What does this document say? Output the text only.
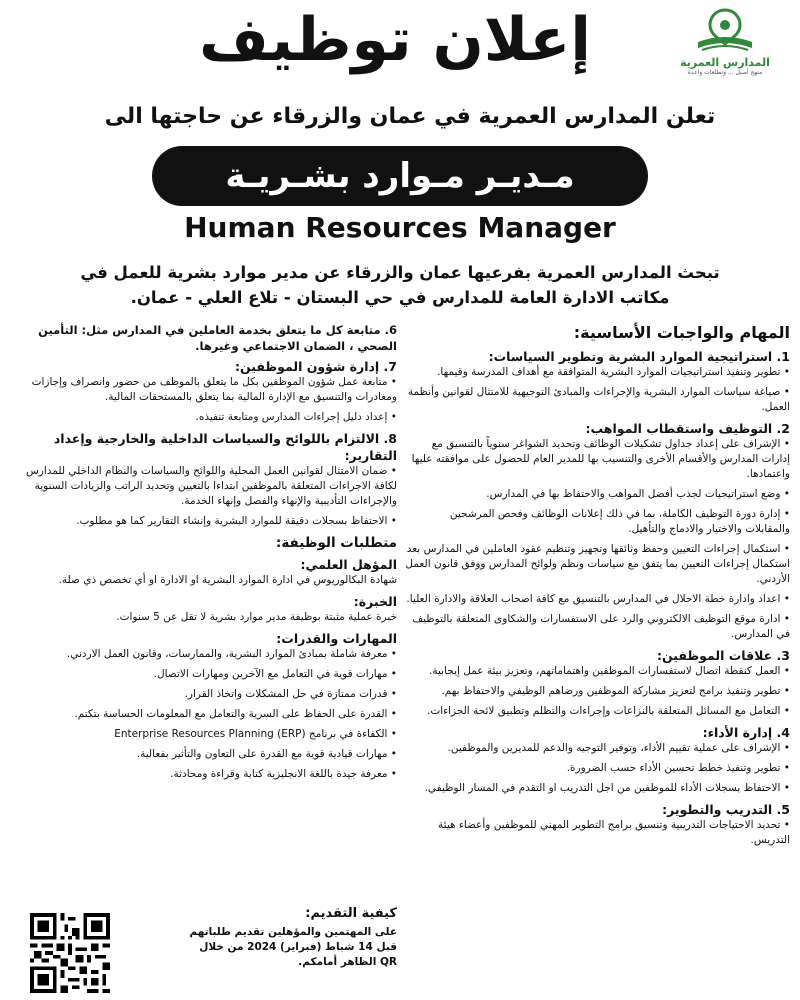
إعلان توظيف	المدارس العمرية
منهج أصيل ... وتطلعات واعدة
تعلن المدارس العمرية في عمان والزرقاء عن حاجتها الى
مـديـر مـوارد بشـريـة
Human Resources Manager

تبحث المدارس العمرية بفرعيها عمان والزرقاء عن مدير موارد بشرية للعمل في

مكاتب الادارة العامة للمدارس في حي البستان - تلاع العلي - عمان.

المهام والواجبات الأساسية:
1. استراتيجية الموارد البشرية وتطوير السياسات:
• تطوير وتنفيذ استراتيجيات الموارد البشرية المتوافقة مع أهداف المدرسة وقيمها.
• صياغة سياسات الموارد البشرية والإجراءات والمبادئ التوجيهية للامتثال لقوانين وأنظمة العمل.
2. التوظيف واستقطاب المواهب:
• الإشراف على إعداد جداول تشكيلات الوظائف وتحديد الشواغر سنوياً بالتنسيق مع إدارات المدارس والأقسام الأخرى والتنسيب بها للمدير العام للحصول على موافقته عليها واعتمادها.
• وضع استراتيجيات لجذب أفضل المواهب والاحتفاظ بها في المدارس.
• إدارة دورة التوظيف الكاملة، بما في ذلك إعلانات الوظائف وفحص المرشحين والمقابلات والاختيار والادماج والتأهيل.
• استكمال إجراءات التعيين وحفظ وثائقها وتجهيز وتنظيم عقود العاملين في المدارس بعد استكمال إجراءات التعيين بما يتفق مع سياسات ونظم ولوائح المدارس ووفق قانون العمل الأردني.
• اعداد وادارة خطة الاحلال في المدارس بالتنسيق مع كافة اصحاب العلاقة والادارة العليا.
• ادارة موقع التوظيف الالكتروني والرد على الاستفسارات والشكاوى المتعلقة بالتوظيف في المدارس.
3. علاقات الموظفين:
• العمل كنقطة اتصال لاستفسارات الموظفين واهتماماتهم، وتعزيز بيئة عمل إيجابية.
• تطوير وتنفيذ برامج لتعزيز مشاركة الموظفين ورضاهم الوظيفي والاحتفاظ بهم.
• التعامل مع المسائل المتعلقة بالنزاعات وإجراءات والتظلم وتطبيق لائحة الجزاءات.
4. إدارة الأداء:
• الإشراف على عملية تقييم الأداء، وتوفير التوجيه والدعم للمديرين والموظفين.
• تطوير وتنفيذ خطط تحسين الأداء حسب الضرورة.
• الاحتفاظ بسجلات الأداء للموظفين من اجل التدريب او التقدم في المسار الوظيفي.
5. التدريب والتطوير:
• تحديد الاحتياجات التدريبية وتنسيق برامج التطوير المهني للموظفين وأعضاء هيئة التدريس.
6. متابعة كل ما يتعلق بخدمة العاملين في المدارس مثل: التأمين الصحي ، الضمان الاجتماعي وغيرها.
7. إدارة شؤون الموظفين:
• متابعة عمل شؤون الموظفين بكل ما يتعلق بالموظف من حضور وانصراف وإجازات ومغادرات والتنسيق مع الإدارة المالية بما يتعلق بالمستحقات المالية.
• إعداد دليل إجراءات المدارس ومتابعة تنفيذه.
8. الالتزام باللوائح والسياسات الداخلية والخارجية وإعداد التقارير:
• ضمان الامتثال لقوانين العمل المحلية واللوائح والسياسات والنظام الداخلي للمدارس لكافة الاجراءات المتعلقة بالموظفين ابتداءا بالتعيين وتحديد الراتب والزيادات السنوية والإجراءات التأديبية والإنهاء والفصل وإنهاء الخدمة.
• الاحتفاظ بسجلات دقيقة للموارد البشرية وإنشاء التقارير كما هو مطلوب.
متطلبات الوظيفة:
المؤهل العلمي:
شهادة البكالوريوس في ادارة الموارد البشرية او الادارة او أي تخصص ذي صلة.
الخبرة:
خبرة عملية مثبتة بوظيفة مدير موارد بشرية لا تقل عن 5 سنوات.
المهارات والقدرات:
• معرفة شاملة بمبادئ الموارد البشرية، والممارسات، وقانون العمل الاردني.
• مهارات قوية في التعامل مع الآخرين ومهارات الاتصال.
• قدرات ممتازة في حل المشكلات واتخاذ القرار.
• القدرة على الحفاظ على السرية والتعامل مع المعلومات الحساسة بتكتم.
• الكفاءة في برنامج Enterprise Resources Planning (ERP)
• مهارات قيادية قوية مع القدرة على التعاون والتأثير بفعالية.
• معرفة جيدة باللغة الانجليزية كتابة وقراءة ومحادثة.
كيفية التقديم:
على المهتمين والمؤهلين تقديم طلباتهم
قبل 14 شباط (فبراير) 2024 من خلال
QR الظاهر أمامكم.
